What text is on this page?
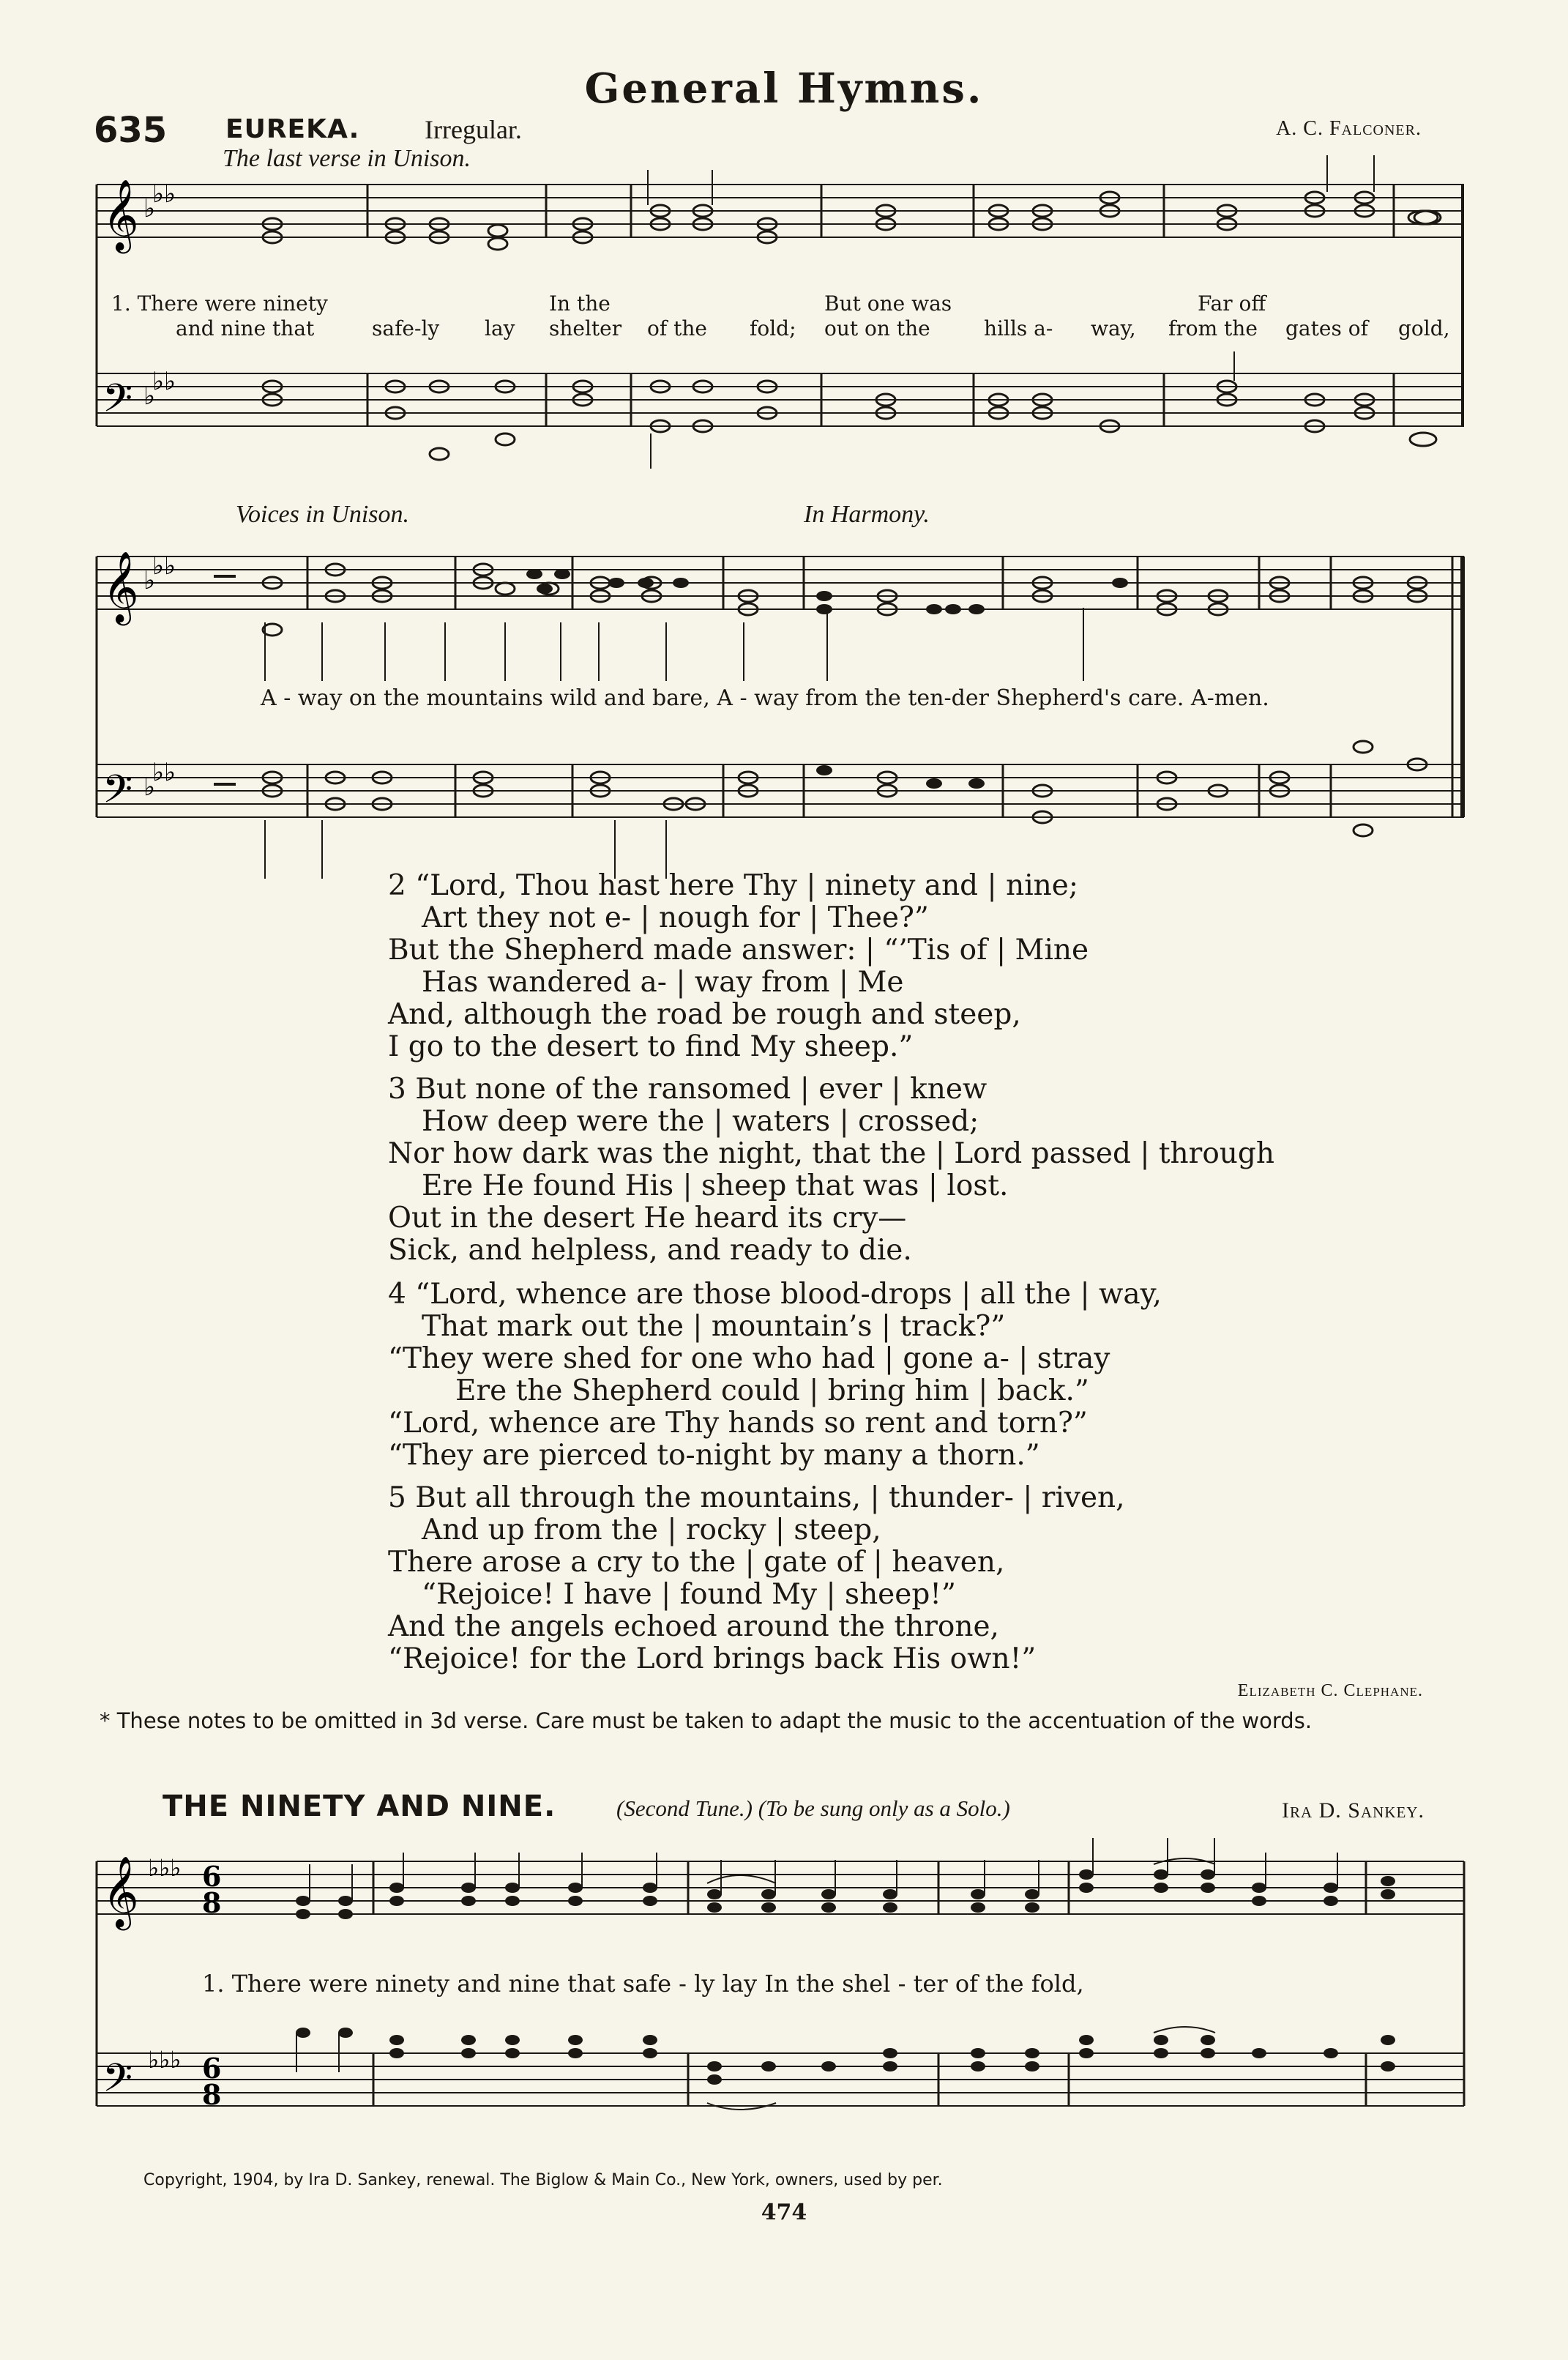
General Hymns.
635 EUREKA. Irregular.	A. C. Falconer.
The last verse in Unison.
𝄞
𝄢
♭♭
♭
♭♭
♭
1. There were ninety
and nine that	safe-ly lay
In the
shelter of the fold;
But one was
out on the	hills a- way,
Far off
from the	gates of gold,
Voices in Unison.	In Harmony.
𝄞
𝄢
♭♭
♭
♭♭
♭
A - way on the mountains wild and bare, A - way from the ten-der Shepherd's care. A-men.
2 “Lord, Thou hast here Thy | ninety and | nine;
Art they not e- | nough for | Thee?”
But the Shepherd made answer: | “’Tis of | Mine
Has wandered a- | way from | Me
And, although the road be rough and steep,
I go to the desert to find My sheep.”
3 But none of the ransomed | ever | knew
How deep were the | waters | crossed;
Nor how dark was the night, that the | Lord passed | through
Ere He found His | sheep that was | lost.
Out in the desert He heard its cry—
Sick, and helpless, and ready to die.
4 “Lord, whence are those blood-drops | all the | way,
That mark out the | mountain’s | track?”
“They were shed for one who had | gone a- | stray
Ere the Shepherd could | bring him | back.”
“Lord, whence are Thy hands so rent and torn?”
“They are pierced to-night by many a thorn.”
5 But all through the mountains, | thunder- | riven,
And up from the | rocky | steep,
There arose a cry to the | gate of | heaven,
“Rejoice! I have | found My | sheep!”
And the angels echoed around the throne,
“Rejoice! for the Lord brings back His own!”
Elizabeth C. Clephane.
* These notes to be omitted in 3d verse. Care must be taken to adapt the music to the accentuation of the words.
THE NINETY AND NINE.	(Second Tune.) (To be sung only as a Solo.)	Ira D. Sankey.
𝄞
𝄢
♭♭♭
♭♭♭
6
8
6
8
1. There were ninety and nine that safe - ly lay In the shel - ter of the fold,
Copyright, 1904, by Ira D. Sankey, renewal. The Biglow & Main Co., New York, owners, used by per.
474
